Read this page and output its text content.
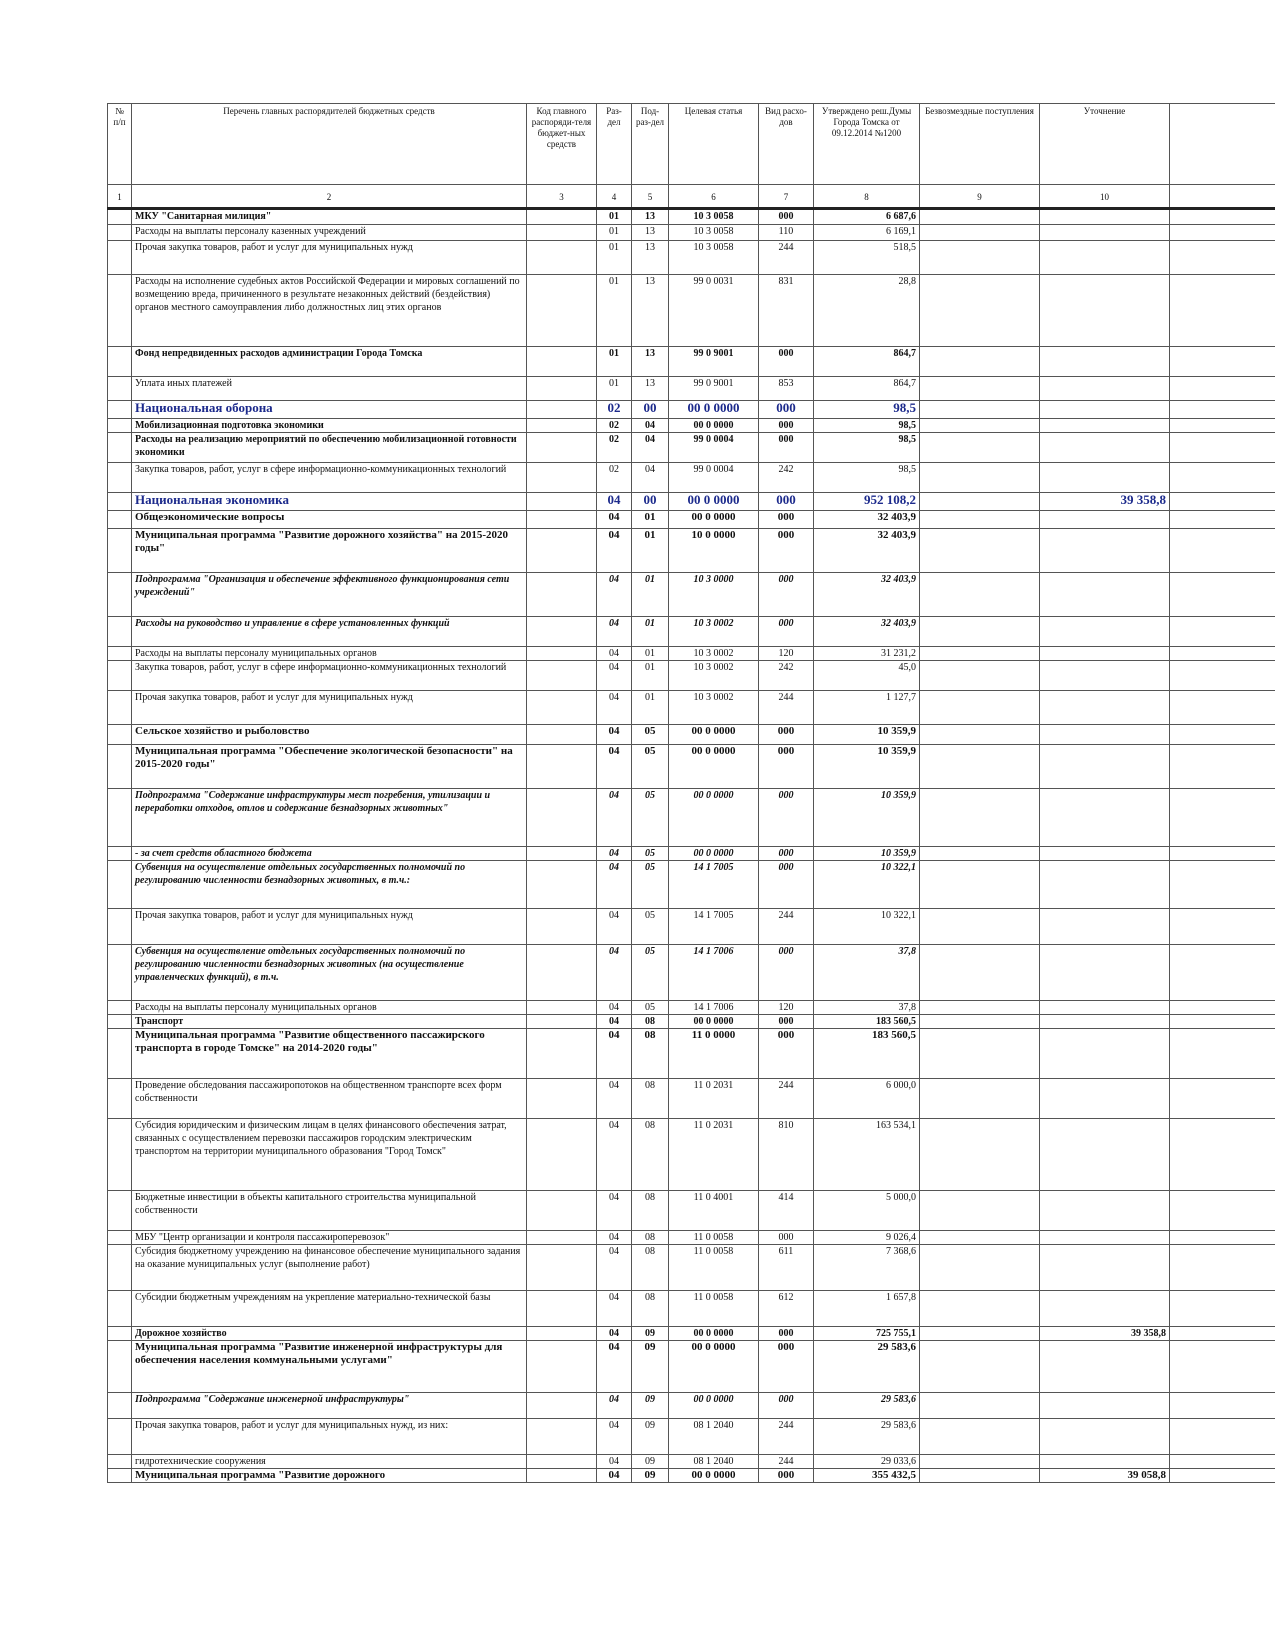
№ п/п	Перечень главных распорядителей бюджетных средств	Код главного распоряди-теля бюджет-ных средств	Раз-дел	Под-раз-дел	Целевая статья	Вид расхо-дов	Утверждено реш.Думы Города Томска от 09.12.2014 №1200	Безвозмездные поступления	Уточнение	
1	2	3	4	5	6	7	8	9	10	
	МКУ "Санитарная милиция"		01	13	10 3 0058	000	6 687,6			
	Расходы на выплаты персоналу казенных учреждений		01	13	10 3 0058	110	6 169,1			
	Прочая закупка товаров, работ и услуг для муниципальных нужд		01	13	10 3 0058	244	518,5			
	Расходы на исполнение судебных актов Российской Федерации и мировых соглашений по возмещению вреда, причиненного в результате незаконных действий (бездействия) органов местного самоуправления либо должностных лиц этих органов		01	13	99 0 0031	831	28,8			
	Фонд непредвиденных расходов администрации Города Томска		01	13	99 0 9001	000	864,7			
	Уплата иных платежей		01	13	99 0 9001	853	864,7			
	Национальная оборона		02	00	00 0 0000	000	98,5			
	Мобилизационная подготовка экономики		02	04	00 0 0000	000	98,5			
	Расходы на реализацию мероприятий по обеспечению мобилизационной готовности экономики		02	04	99 0 0004	000	98,5			
	Закупка товаров, работ, услуг в сфере информационно-коммуникационных технологий		02	04	99 0 0004	242	98,5			
	Национальная экономика		04	00	00 0 0000	000	952 108,2		39 358,8	
	Общеэкономические вопросы		04	01	00 0 0000	000	32 403,9			
	Муниципальная программа "Развитие дорожного хозяйства" на 2015-2020 годы"		04	01	10 0 0000	000	32 403,9			
	Подпрограмма "Организация и обеспечение эффективного функционирования сети учреждений"		04	01	10 3 0000	000	32 403,9			
	Расходы на руководство и управление в сфере установленных функций		04	01	10 3 0002	000	32 403,9			
	Расходы на выплаты персоналу муниципальных органов		04	01	10 3 0002	120	31 231,2			
	Закупка товаров, работ, услуг в сфере информационно-коммуникационных технологий		04	01	10 3 0002	242	45,0			
	Прочая закупка товаров, работ и услуг для муниципальных нужд		04	01	10 3 0002	244	1 127,7			
	Сельское хозяйство и рыболовство		04	05	00 0 0000	000	10 359,9			
	Муниципальная программа "Обеспечение экологической безопасности" на 2015-2020 годы"		04	05	00 0 0000	000	10 359,9			
	Подпрограмма "Содержание инфраструктуры мест погребения, утилизации и переработки отходов, отлов и содержание безнадзорных животных"		04	05	00 0 0000	000	10 359,9			
	- за счет средств областного бюджета		04	05	00 0 0000	000	10 359,9			
	Субвенция на осуществление отдельных государственных полномочий по регулированию численности безнадзорных животных, в т.ч.:		04	05	14 1 7005	000	10 322,1			
	Прочая закупка товаров, работ и услуг для муниципальных нужд		04	05	14 1 7005	244	10 322,1			
	Субвенция на осуществление отдельных государственных полномочий по регулированию численности безнадзорных животных (на осуществление управленческих функций), в т.ч.		04	05	14 1 7006	000	37,8			
	Расходы на выплаты персоналу муниципальных органов		04	05	14 1 7006	120	37,8			
	Транспорт		04	08	00 0 0000	000	183 560,5			
	Муниципальная программа "Развитие общественного пассажирского транспорта в городе Томске" на 2014-2020 годы"		04	08	11 0 0000	000	183 560,5			
	Проведение обследования пассажиропотоков на общественном транспорте всех форм собственности		04	08	11 0 2031	244	6 000,0			
	Субсидия юридическим и физическим лицам в целях финансового обеспечения затрат, связанных с осуществлением перевозки пассажиров городским электрическим транспортом на территории муниципального образования "Город Томск"		04	08	11 0 2031	810	163 534,1			
	Бюджетные инвестиции в объекты капитального строительства муниципальной собственности		04	08	11 0 4001	414	5 000,0			
	МБУ "Центр организации и контроля пассажироперевозок"		04	08	11 0 0058	000	9 026,4			
	Субсидия бюджетному учреждению на финансовое обеспечение муниципального задания на оказание муниципальных услуг (выполнение работ)		04	08	11 0 0058	611	7 368,6			
	Субсидии бюджетным учреждениям на укрепление материально-технической базы		04	08	11 0 0058	612	1 657,8			
	Дорожное хозяйство		04	09	00 0 0000	000	725 755,1		39 358,8	
	Муниципальная программа "Развитие инженерной инфраструктуры для обеспечения населения коммунальными услугами"		04	09	00 0 0000	000	29 583,6			
	Подпрограмма "Содержание инженерной инфраструктуры"		04	09	00 0 0000	000	29 583,6			
	Прочая закупка товаров, работ и услуг для муниципальных нужд, из них:		04	09	08 1 2040	244	29 583,6			
	гидротехнические сооружения		04	09	08 1 2040	244	29 033,6			
	Муниципальная программа "Развитие дорожного		04	09	00 0 0000	000	355 432,5		39 058,8	
